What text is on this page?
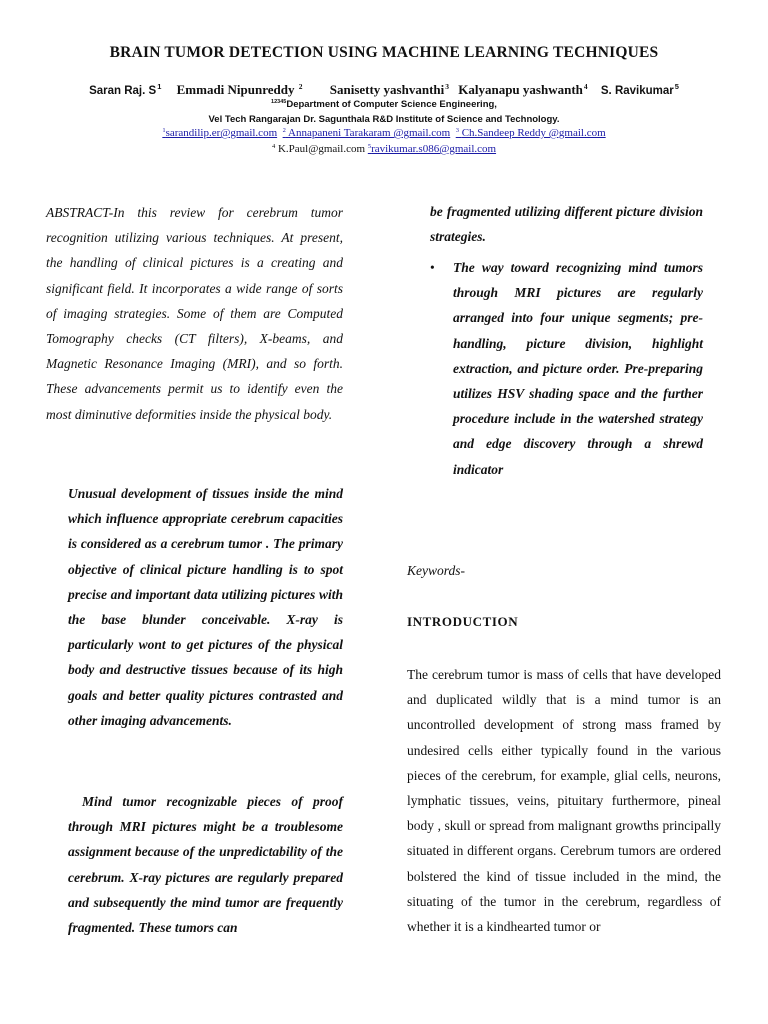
BRAIN TUMOR DETECTION USING MACHINE LEARNING TECHNIQUES
Saran Raj. $S^1$ Emmadi Nipunreddy $^2$ Sanisetty yashvanthi$^3$ Kalyanapu yashwanth$^4$ S. Ravikumar$^5$
$^{12345}$Department of Computer Science Engineering,
Vel Tech Rangarajan Dr. Sagunthala R&D Institute of Science and Technology.
$^1$sarandilip.er@gmail.com $^2$ Annapaneni Tarakaram @gmail.com $^3$ Ch.Sandeep Reddy @gmail.com
$^4$ K.Paul@gmail.com $^5$ravikumar.s086@gmail.com
ABSTRACT-In this review for cerebrum tumor recognition utilizing various techniques. At present, the handling of clinical pictures is a creating and significant field. It incorporates a wide range of sorts of imaging strategies. Some of them are Computed Tomography checks (CT filters), X-beams, and Magnetic Resonance Imaging (MRI), and so forth. These advancements permit us to identify even the most diminutive deformities inside the physical body.
Unusual development of tissues inside the mind which influence appropriate cerebrum capacities is considered as a cerebrum tumor . The primary objective of clinical picture handling is to spot precise and important data utilizing pictures with the base blunder conceivable. X-ray is particularly wont to get pictures of the physical body and destructive tissues because of its high goals and better quality pictures contrasted and other imaging advancements.
Mind tumor recognizable pieces of proof through MRI pictures might be a troublesome assignment because of the unpredictability of the cerebrum. X-ray pictures are regularly prepared and subsequently the mind tumor are frequently fragmented. These tumors can
be fragmented utilizing different picture division strategies.
• The way toward recognizing mind tumors through MRI pictures are regularly arranged into four unique segments; pre-handling, picture division, highlight extraction, and picture order. Pre-preparing utilizes HSV shading space and the further procedure include in the watershed strategy and edge discovery through a shrewd indicator
Keywords-
INTRODUCTION
The cerebrum tumor is mass of cells that have developed and duplicated wildly that is a mind tumor is an uncontrolled development of strong mass framed by undesired cells either typically found in the various pieces of the cerebrum, for example, glial cells, neurons, lymphatic tissues, veins, pituitary furthermore, pineal body , skull or spread from malignant growths principally situated in different organs. Cerebrum tumors are ordered bolstered the kind of tissue included in the mind, the situating of the tumor in the cerebrum, regardless of whether it is a kindhearted tumor or
